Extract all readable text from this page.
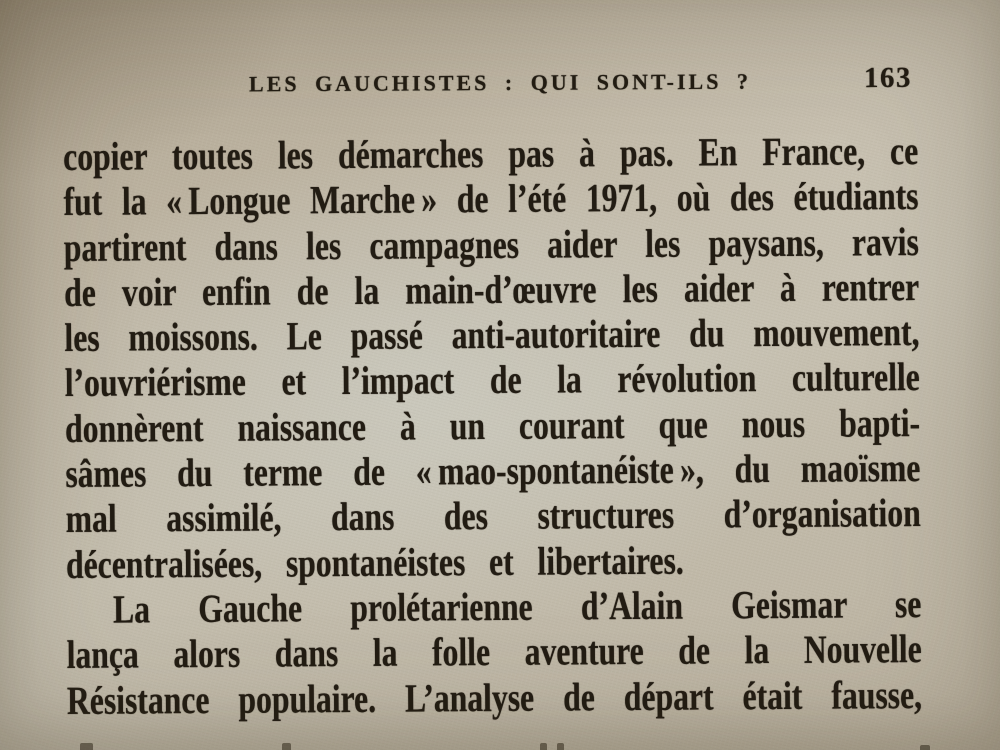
LES GAUCHISTES : QUI SONT-ILS ?	163
copier toutes les démarches pas à pas. En France, ce
fut la « Longue Marche » de l’été 1971, où des étudiants
partirent dans les campagnes aider les paysans, ravis
de voir enfin de la main-d’œuvre les aider à rentrer
les moissons. Le passé anti-autoritaire du mouvement,
l’ouvriérisme et l’impact de la révolution culturelle
donnèrent naissance à un courant que nous bapti-
sâmes du terme de « mao-spontanéiste », du maoïsme
mal assimilé, dans des structures d’organisation
décentralisées, spontanéistes et libertaires.
La Gauche prolétarienne d’Alain Geismar se
lança alors dans la folle aventure de la Nouvelle
Résistance populaire. L’analyse de départ était fausse,
